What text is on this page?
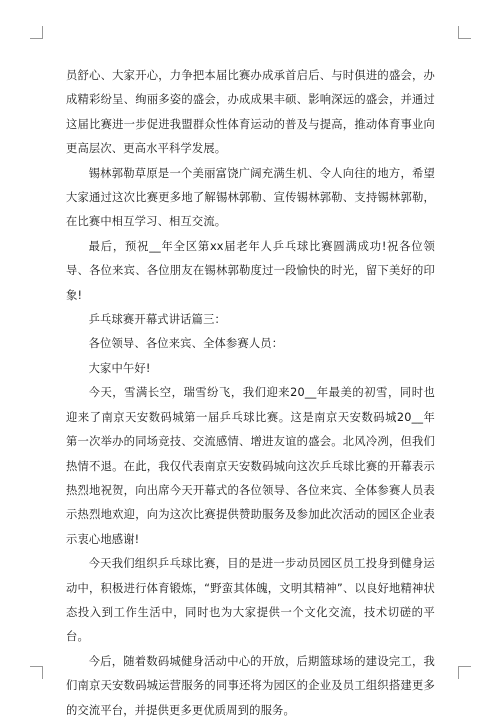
员舒心、大家开心，力争把本届比赛办成承首启后、与时俱进的盛会，办成精彩纷呈、绚丽多姿的盛会，办成成果丰硕、影响深远的盛会，并通过这届比赛进一步促进我盟群众性体育运动的普及与提高，推动体育事业向更高层次、更高水平科学发展。

锡林郭勒草原是一个美丽富饶广阔充满生机、令人向往的地方，希望大家通过这次比赛更多地了解锡林郭勒、宣传锡林郭勒、支持锡林郭勒，在比赛中相互学习、相互交流。

最后，预祝__年全区第xx届老年人乒乓球比赛圆满成功!祝各位领导、各位来宾、各位朋友在锡林郭勒度过一段愉快的时光，留下美好的印象!

乒乓球赛开幕式讲话篇三：

各位领导、各位来宾、全体参赛人员：

大家中午好!

今天，雪满长空，瑞雪纷飞，我们迎来20__年最美的初雪，同时也迎来了南京天安数码城第一届乒乓球比赛。这是南京天安数码城20__年第一次举办的同场竞技、交流感情、增进友谊的盛会。北风冷冽，但我们热情不退。在此，我仅代表南京天安数码城向这次乒乓球比赛的开幕表示热烈地祝贺，向出席今天开幕式的各位领导、各位来宾、全体参赛人员表示热烈地欢迎，向为这次比赛提供赞助服务及参加此次活动的园区企业表示衷心地感谢!

今天我们组织乒乓球比赛，目的是进一步动员园区员工投身到健身运动中，积极进行体育锻炼，“野蛮其体魄，文明其精神”、以良好地精神状态投入到工作生活中，同时也为大家提供一个文化交流，技术切磋的平台。

今后，随着数码城健身活动中心的开放，后期篮球场的建设完工，我们南京天安数码城运营服务的同事还将为园区的企业及员工组织搭建更多的交流平台，并提供更多更优质周到的服务。
